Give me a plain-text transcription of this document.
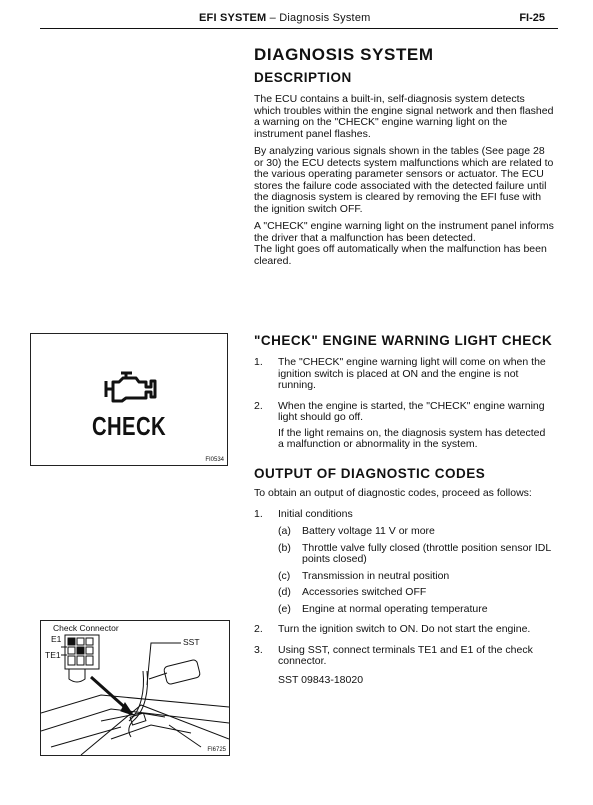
EFI SYSTEM – Diagnosis System	FI-25
DIAGNOSIS SYSTEM
DESCRIPTION

The ECU contains a built-in, self-diagnosis system detects which troubles within the engine signal network and then flashed a warning on the "CHECK" engine warning light on the instrument panel flashes.

By analyzing various signals shown in the tables (See page 28 or 30) the ECU detects system malfunctions which are related to the various operating parameter sensors or actuator. The ECU stores the failure code associated with the detected failure until the diagnosis system is cleared by removing the EFI fuse with the ignition switch OFF.

A "CHECK" engine warning light on the instrument panel informs the driver that a malfunction has been detected.
The light goes off automatically when the malfunction has been cleared.

CHECK
FI0534
"CHECK" ENGINE WARNING LIGHT CHECK
1. The "CHECK" engine warning light will come on when the ignition switch is placed at ON and the engine is not running.

2. When the engine is started, the "CHECK" engine warning light should go off.

If the light remains on, the diagnosis system has detected a malfunction or abnormality in the system.

OUTPUT OF DIAGNOSTIC CODES

To obtain an output of diagnostic codes, proceed as follows:

1. Initial conditions

(a) Battery voltage 11 V or more
(b) Throttle valve fully closed (throttle position sensor IDL points closed)
(c) Transmission in neutral position
(d) Accessories switched OFF
(e) Engine at normal operating temperature
2. Turn the ignition switch to ON. Do not start the engine.

3. Using SST, connect terminals TE1 and E1 of the check connector.

SST 09843-18020

Check Connector
E1
TE1
SST
FI6725
